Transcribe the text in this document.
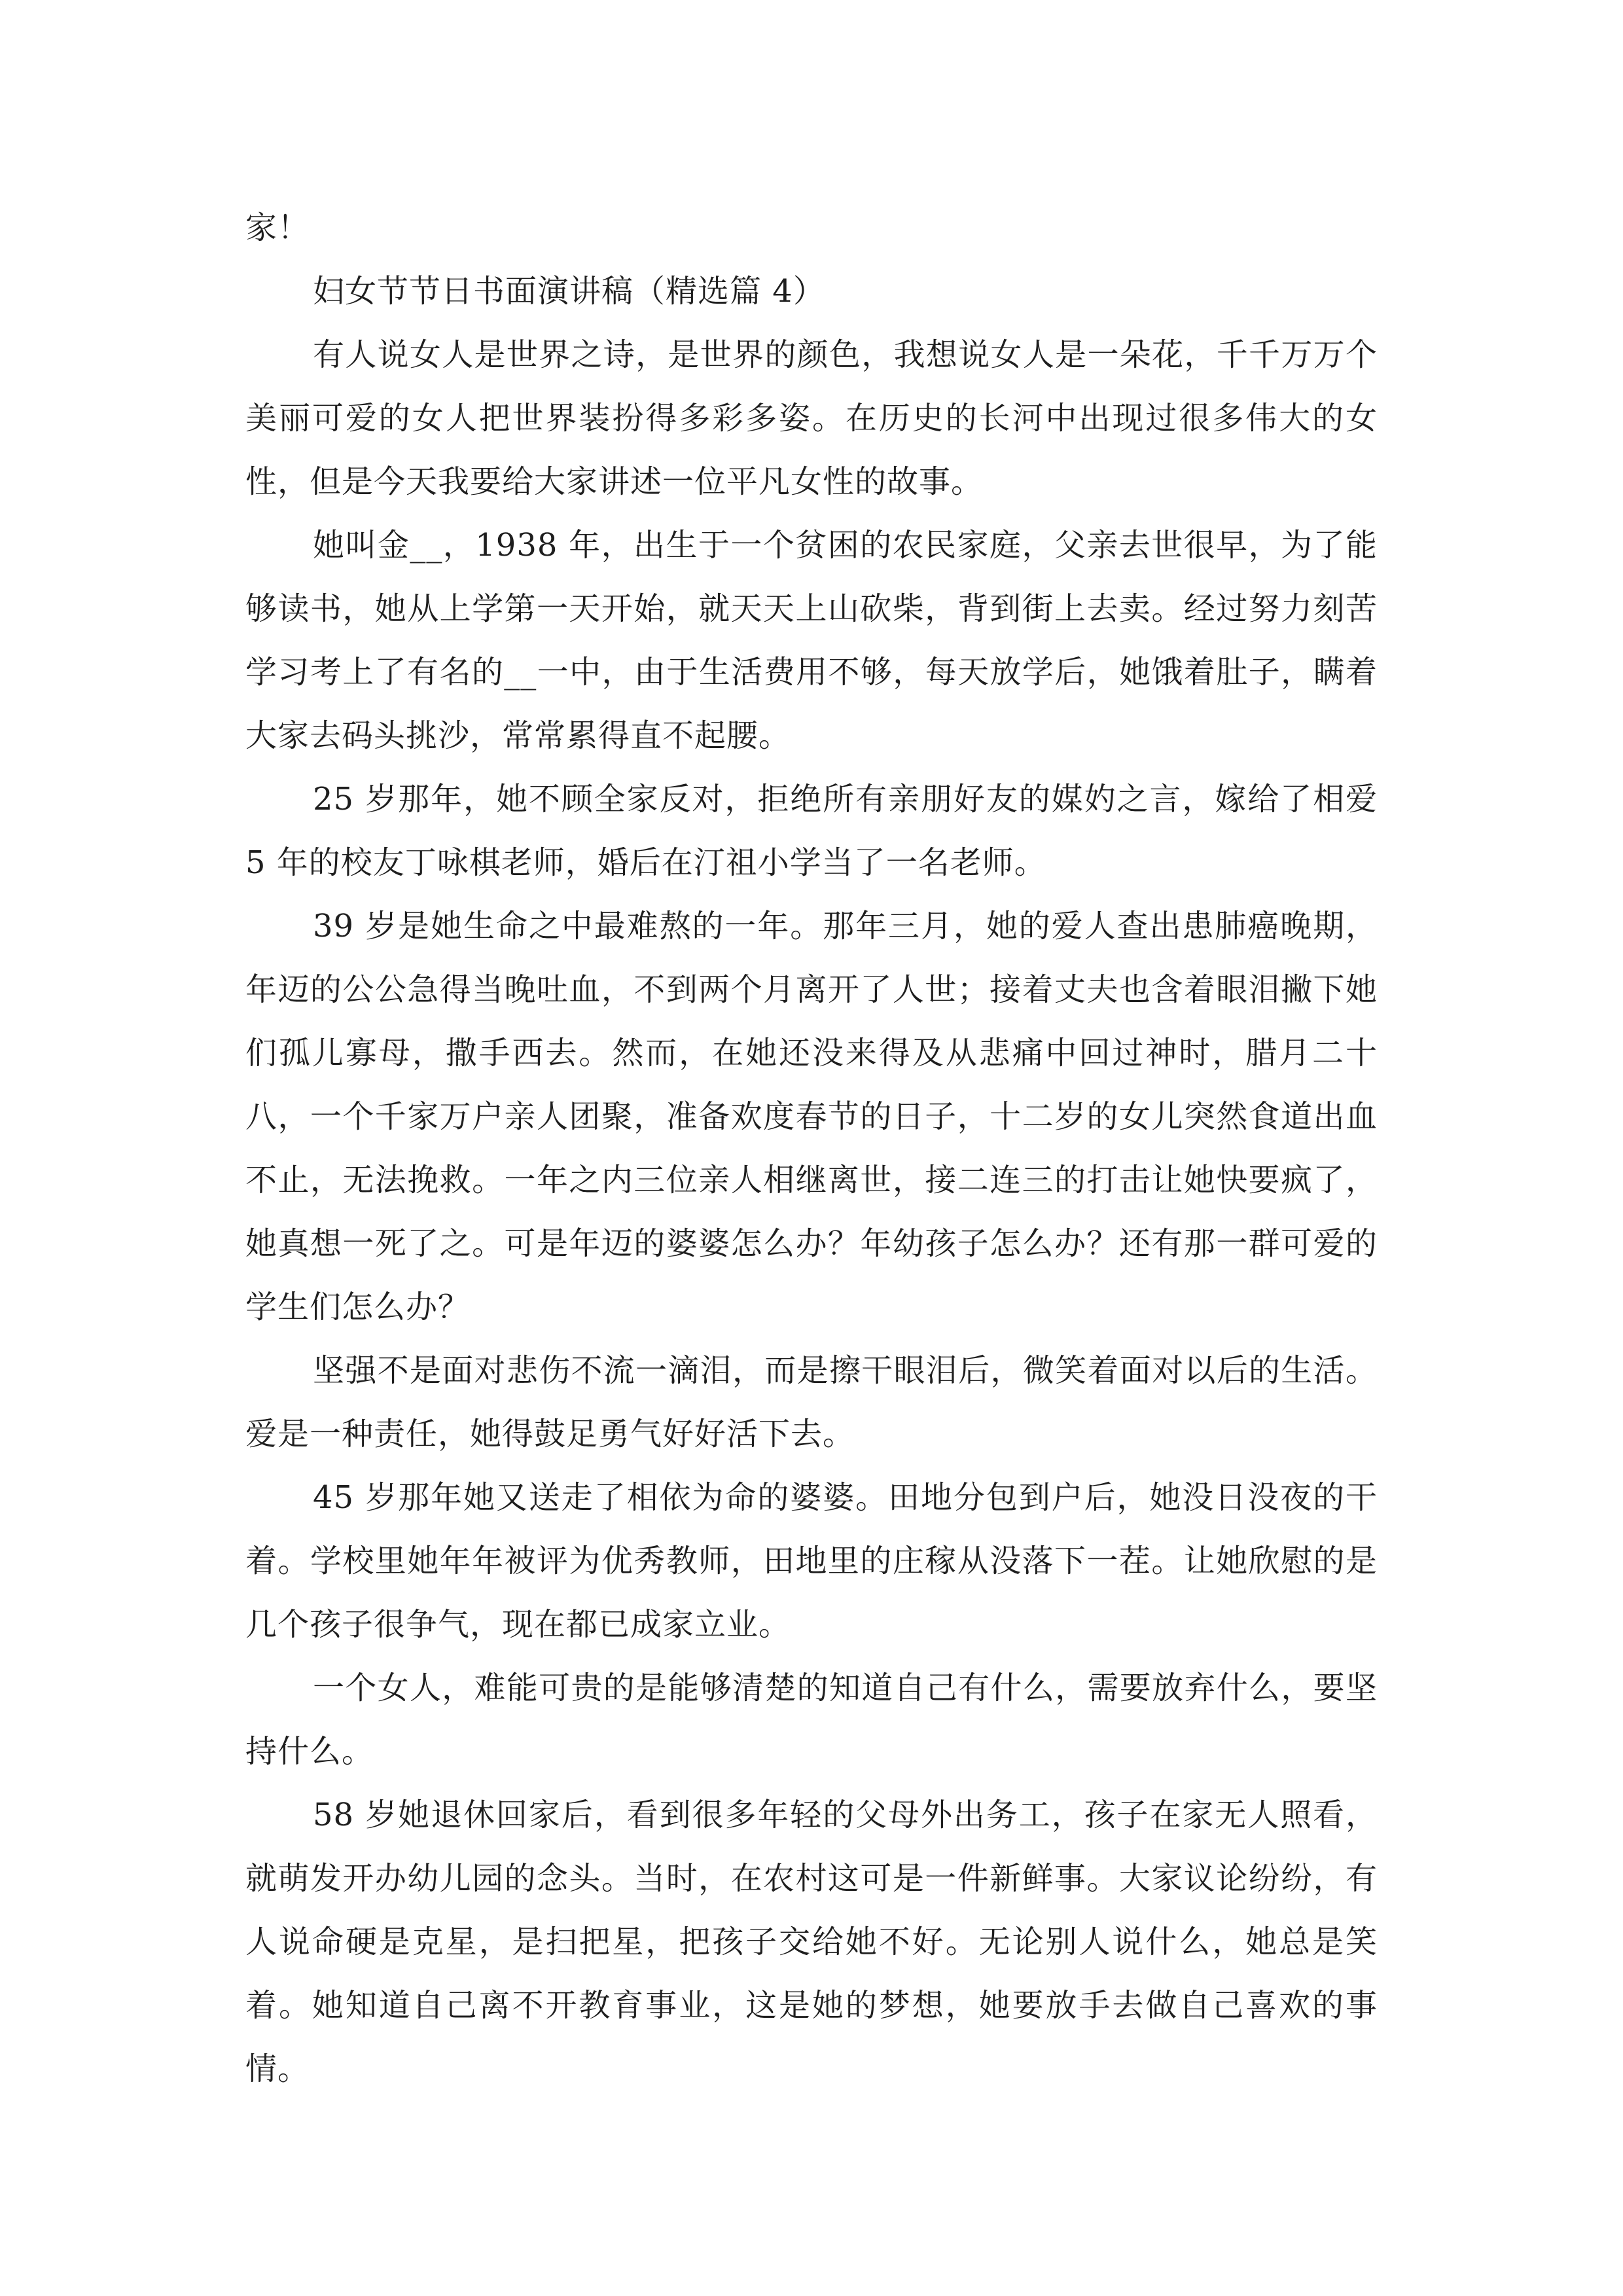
家！

妇女节节日书面演讲稿（精选篇 4）

有人说女人是世界之诗，是世界的颜色，我想说女人是一朵花，千千万万个美丽可爱的女人把世界装扮得多彩多姿。在历史的长河中出现过很多伟大的女性，但是今天我要给大家讲述一位平凡女性的故事。

她叫金__，1938 年，出生于一个贫困的农民家庭，父亲去世很早，为了能够读书，她从上学第一天开始，就天天上山砍柴，背到街上去卖。经过努力刻苦学习考上了有名的__一中，由于生活费用不够，每天放学后，她饿着肚子，瞒着大家去码头挑沙，常常累得直不起腰。

25 岁那年，她不顾全家反对，拒绝所有亲朋好友的媒妁之言，嫁给了相爱 5 年的校友丁咏棋老师，婚后在汀祖小学当了一名老师。

39 岁是她生命之中最难熬的一年。那年三月，她的爱人查出患肺癌晚期，年迈的公公急得当晚吐血，不到两个月离开了人世；接着丈夫也含着眼泪撇下她们孤儿寡母，撒手西去。然而，在她还没来得及从悲痛中回过神时，腊月二十八，一个千家万户亲人团聚，准备欢度春节的日子，十二岁的女儿突然食道出血不止，无法挽救。一年之内三位亲人相继离世，接二连三的打击让她快要疯了，她真想一死了之。可是年迈的婆婆怎么办？年幼孩子怎么办？还有那一群可爱的学生们怎么办？

坚强不是面对悲伤不流一滴泪，而是擦干眼泪后，微笑着面对以后的生活。爱是一种责任，她得鼓足勇气好好活下去。

45 岁那年她又送走了相依为命的婆婆。田地分包到户后，她没日没夜的干着。学校里她年年被评为优秀教师，田地里的庄稼从没落下一茬。让她欣慰的是几个孩子很争气，现在都已成家立业。

一个女人，难能可贵的是能够清楚的知道自己有什么，需要放弃什么，要坚持什么。

58 岁她退休回家后，看到很多年轻的父母外出务工，孩子在家无人照看，就萌发开办幼儿园的念头。当时，在农村这可是一件新鲜事。大家议论纷纷，有人说命硬是克星，是扫把星，把孩子交给她不好。无论别人说什么，她总是笑着。她知道自己离不开教育事业，这是她的梦想，她要放手去做自己喜欢的事情。
